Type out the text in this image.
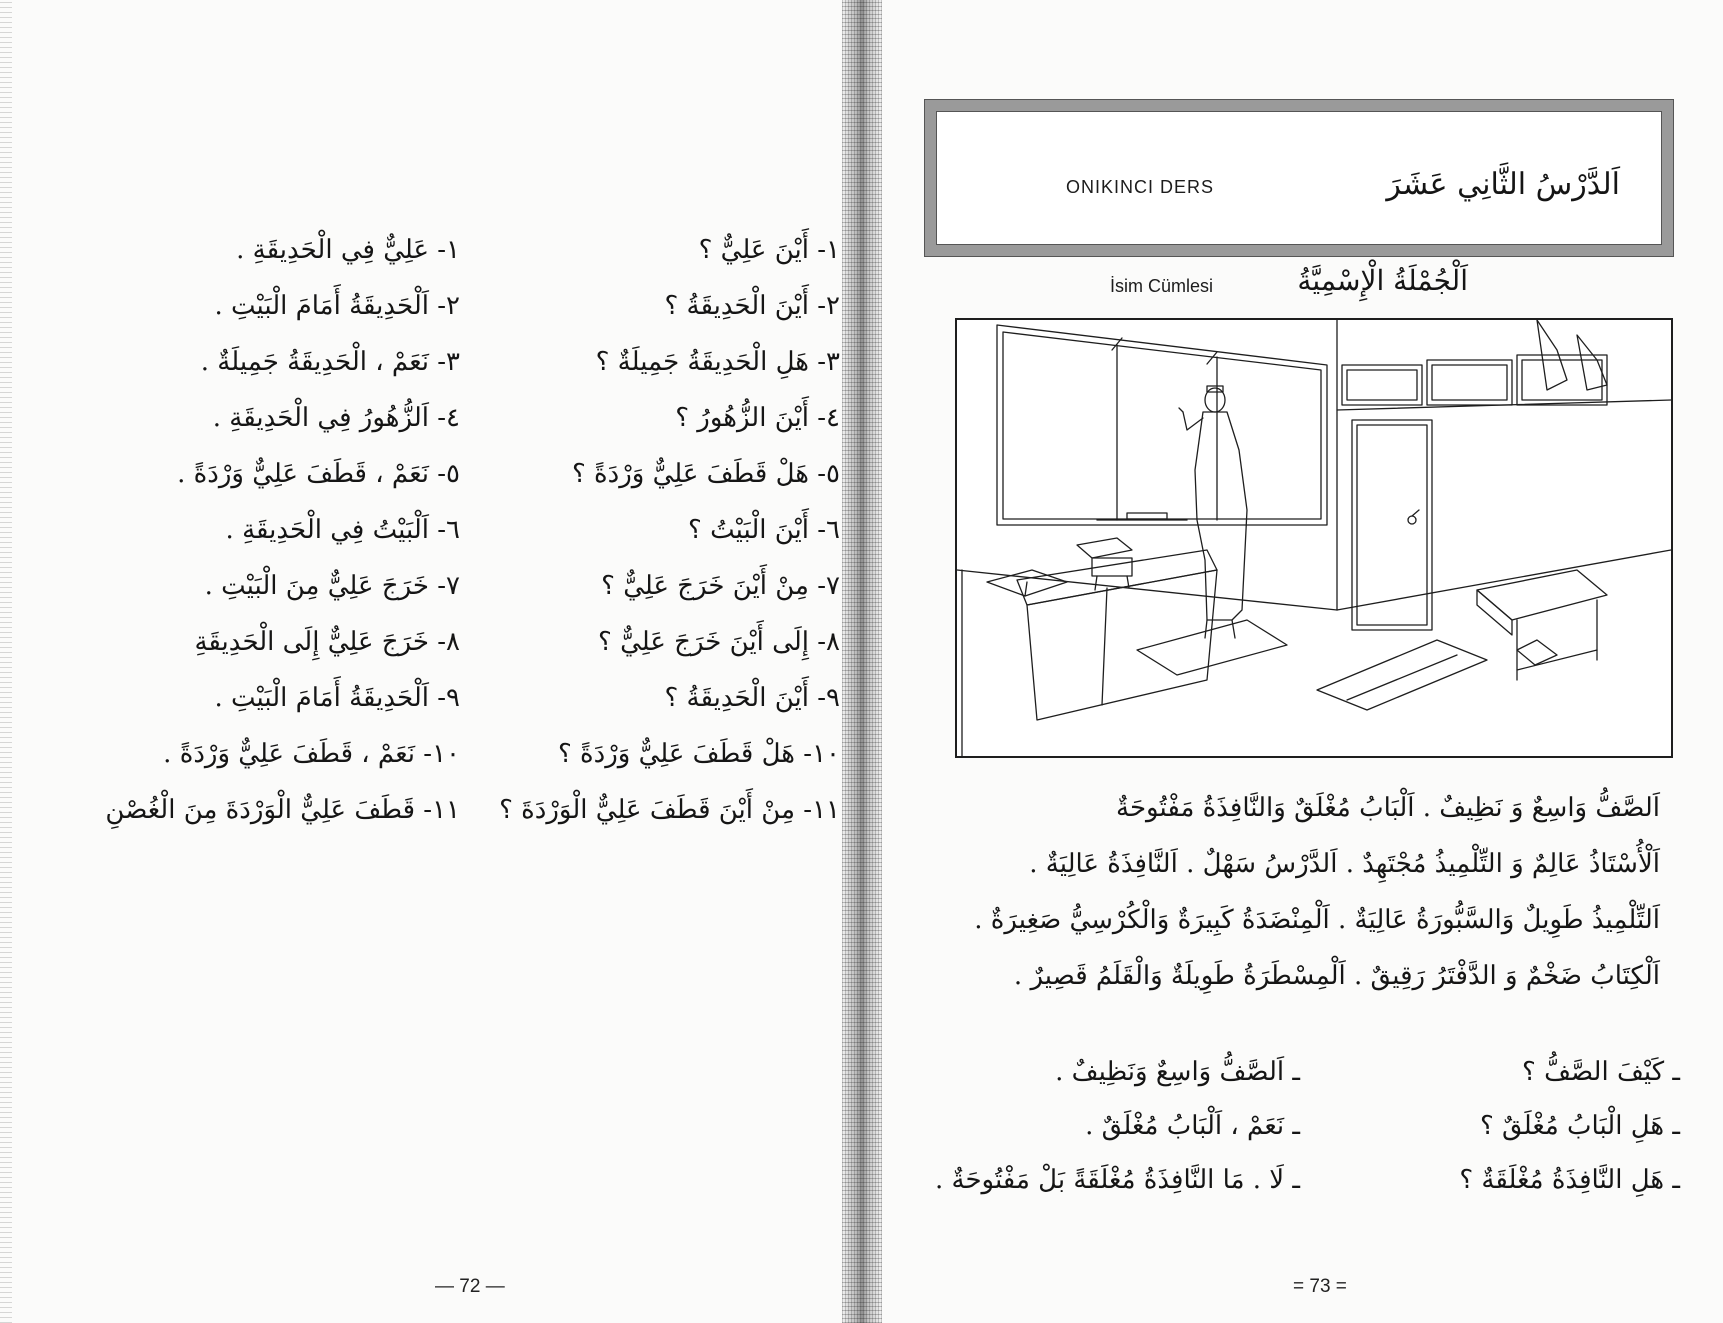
١- عَلِيٌّ فِي الْحَدِيقَةِ .
٢- اَلْحَدِيقَةُ أَمَامَ الْبَيْتِ .
٣- نَعَمْ ، الْحَدِيقَةُ جَمِيلَةٌ .
٤- اَلزُّهُورُ فِي الْحَدِيقَةِ .
٥- نَعَمْ ، قَطَفَ عَلِيٌّ وَرْدَةً .
٦- اَلْبَيْتُ فِي الْحَدِيقَةِ .
٧- خَرَجَ عَلِيٌّ مِنَ الْبَيْتِ .
٨- خَرَجَ عَلِيٌّ إِلَى الْحَدِيقَةِ
٩- اَلْحَدِيقَةُ أَمَامَ الْبَيْتِ .
١٠- نَعَمْ ، قَطَفَ عَلِيٌّ وَرْدَةً .
١١- قَطَفَ عَلِيٌّ الْوَرْدَةَ مِنَ الْغُصْنِ
١- أَيْنَ عَلِيٌّ ؟
٢- أَيْنَ الْحَدِيقَةُ ؟
٣- هَلِ الْحَدِيقَةُ جَمِيلَةٌ ؟
٤- أَيْنَ الزُّهُورُ ؟
٥- هَلْ قَطَفَ عَلِيٌّ وَرْدَةً ؟
٦- أَيْنَ الْبَيْتُ ؟
٧- مِنْ أَيْنَ خَرَجَ عَلِيٌّ ؟
٨- إِلَى أَيْنَ خَرَجَ عَلِيٌّ ؟
٩- أَيْنَ الْحَدِيقَةُ ؟
١٠- هَلْ قَطَفَ عَلِيٌّ وَرْدَةً ؟
١١- مِنْ أَيْنَ قَطَفَ عَلِيٌّ الْوَرْدَةَ ؟
— 72 —
ONIKINCI DERS	اَلدَّرْسُ الثَّانِي عَشَرَ
İsim Cümlesi	اَلْجُمْلَةُ الْإِسْمِيَّةُ
اَلصَّفُّ وَاسِعٌ وَ نَظِيفٌ . اَلْبَابُ مُغْلَقٌ وَالنَّافِذَةُ مَفْتُوحَةٌ
اَلْأُسْتَاذُ عَالِمٌ وَ التِّلْمِيذُ مُجْتَهِدٌ . اَلدَّرْسُ سَهْلٌ . اَلنَّافِذَةُ عَالِيَةٌ .
اَلتِّلْمِيذُ طَوِيلٌ وَالسَّبُّورَةُ عَالِيَةٌ . اَلْمِنْضَدَةُ كَبِيرَةٌ وَالْكُرْسِيُّ صَغِيرَةٌ .
اَلْكِتَابُ ضَخْمٌ وَ الدَّفْتَرُ رَقِيقٌ . اَلْمِسْطَرَةُ طَوِيلَةٌ وَالْقَلَمُ قَصِيرٌ .
ـ كَيْفَ الصَّفُّ ؟
ـ هَلِ الْبَابُ مُغْلَقٌ ؟
ـ هَلِ النَّافِذَةُ مُغْلَقَةٌ ؟
ـ اَلصَّفُّ وَاسِعٌ وَنَظِيفٌ .
ـ نَعَمْ ، اَلْبَابُ مُغْلَقٌ .
ـ لَا . مَا النَّافِذَةُ مُغْلَقَةً بَلْ مَفْتُوحَةٌ .
= 73 =
